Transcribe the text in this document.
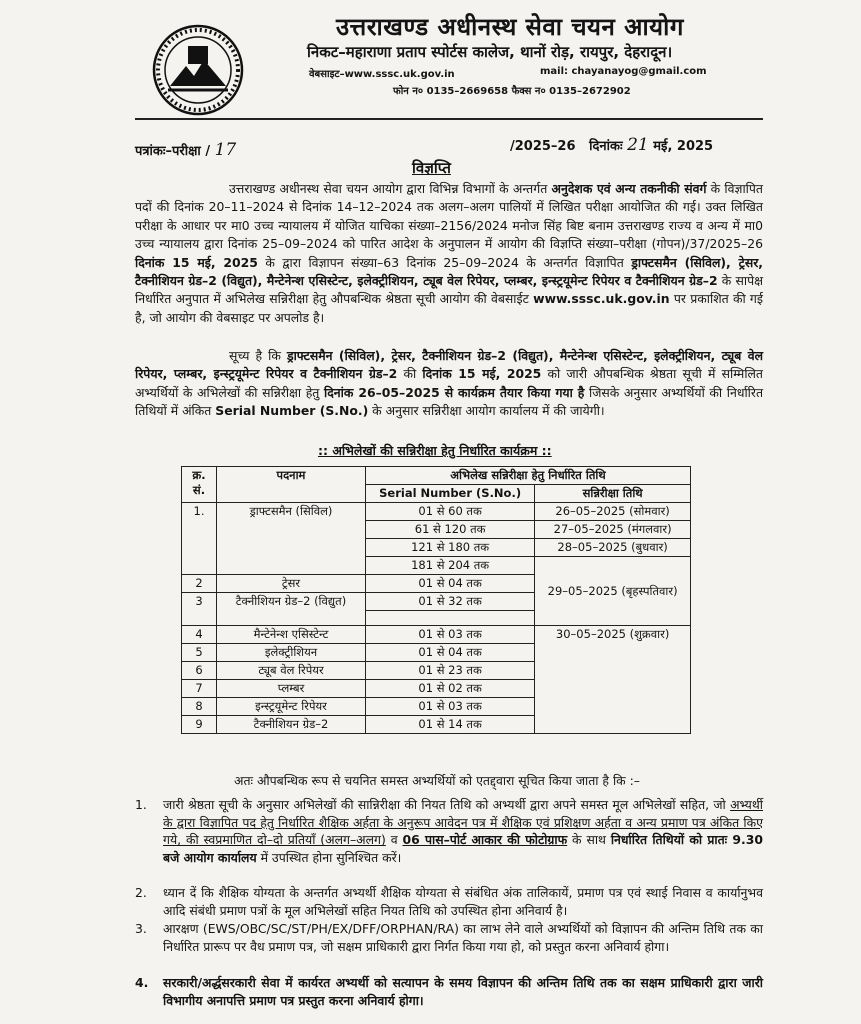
उत्तराखण्ड अधीनस्थ सेवा चयन आयोग
निकट–महाराणा प्रताप स्पोर्टस कालेज, थानों रोड़, रायपुर, देहरादून।
वेबसाइट–www.sssc.uk.gov.in	mail: chayanayog@gmail.com
फोन न० 0135–2669658 फैक्स न० 0135–2672902
पत्रांकः–परीक्षा / 17	/2025–26 दिनांकः 21 मई, 2025
विज्ञप्ति
उत्तराखण्ड अधीनस्थ सेवा चयन आयोग द्वारा विभिन्न विभागों के अन्तर्गत अनुदेशक एवं अन्य तकनीकी संवर्ग के विज्ञापित पदों की दिनांक 20–11–2024 से दिनांक 14–12–2024 तक अलग–अलग पालियों में लिखित परीक्षा आयोजित की गई। उक्त लिखित परीक्षा के आधार पर मा0 उच्च न्यायालय में योजित याचिका संख्या–2156/2024 मनोज सिंह बिष्ट बनाम उत्तराखण्ड राज्य व अन्य में मा0 उच्च न्यायालय द्वारा दिनांक 25–09–2024 को पारित आदेश के अनुपालन में आयोग की विज्ञप्ति संख्या–परीक्षा (गोपन)/37/2025–26 दिनांक 15 मई, 2025 के द्वारा विज्ञापन संख्या–63 दिनांक 25–09–2024 के अन्तर्गत विज्ञापित ड्राफ्टसमैन (सिविल), ट्रेसर, टैक्नीशियन ग्रेड–2 (विद्युत), मैन्टेनेन्श एसिस्टेन्ट, इलेक्ट्रीशियन, ट्यूब वेल रिपेयर, प्लम्बर, इन्स्ट्रयूमेन्ट रिपेयर व टैक्नीशियन ग्रेड–2 के सापेक्ष निर्धारित अनुपात में अभिलेख सन्निरीक्षा हेतु औपबन्धिक श्रेष्ठता सूची आयोग की वेबसाईट www.sssc.uk.gov.in पर प्रकाशित की गई है, जो आयोग की वेबसाइट पर अपलोड है।
सूच्य है कि ड्राफ्टसमैन (सिविल), ट्रेसर, टैक्नीशियन ग्रेड–2 (विद्युत), मैन्टेनेन्श एसिस्टेन्ट, इलेक्ट्रीशियन, ट्यूब वेल रिपेयर, प्लम्बर, इन्स्ट्रयूमेन्ट रिपेयर व टैक्नीशियन ग्रेड–2 की दिनांक 15 मई, 2025 को जारी औपबन्धिक श्रेष्ठता सूची में सम्मिलित अभ्यर्थियों के अभिलेखों की सन्निरीक्षा हेतु दिनांक 26–05–2025 से कार्यक्रम तैयार किया गया है जिसके अनुसार अभ्यर्थियों की निर्धारित तिथियों में अंकित Serial Number (S.No.) के अनुसार सन्निरीक्षा आयोग कार्यालय में की जायेगी।
:: अभिलेखों की सन्निरीक्षा हेतु निर्धारित कार्यक्रम ::
क्र. सं.	पदनाम	अभिलेख सन्निरीक्षा हेतु निर्धारित तिथि	
		Serial Number (S.No.)	सन्निरीक्षा तिथि
1.	ड्राफ्टसमैन (सिविल)	01 से 60 तक	26–05–2025 (सोमवार)
		61 से 120 तक	27–05–2025 (मंगलवार)
		121 से 180 तक	28–05–2025 (बुधवार)
		181 से 204 तक	29–05–2025 (बृहस्पतिवार)
2	ट्रेसर	01 से 04 तक	
3	टैक्नीशियन ग्रेड–2 (विद्युत)	01 से 32 तक	

4	मैन्टेनेन्श एसिस्टेन्ट	01 से 03 तक	30–05–2025 (शुक्रवार)
5	इलेक्ट्रीशियन	01 से 04 तक	
6	ट्यूब वेल रिपेयर	01 से 23 तक	
7	प्लम्बर	01 से 02 तक	
8	इन्स्ट्रयूमेन्ट रिपेयर	01 से 03 तक	
9	टैक्नीशियन ग्रेड–2	01 से 14 तक	
अतः औपबन्धिक रूप से चयनित समस्त अभ्यर्थियों को एतद्द्वारा सूचित किया जाता है कि :–
1. जारी श्रेष्ठता सूची के अनुसार अभिलेखों की सान्निरीक्षा की नियत तिथि को अभ्यर्थी द्वारा अपने समस्त मूल अभिलेखों सहित, जो अभ्यर्थी के द्वारा विज्ञापित पद हेतु निर्धारित शैक्षिक अर्हता के अनुरूप आवेदन पत्र में शैक्षिक एवं प्रशिक्षण अर्हता व अन्य प्रमाण पत्र अंकित किए गये, की स्वप्रमाणित दो–दो प्रतियाँ (अलग–अलग) व 06 पास–पोर्ट आकार की फोटोग्राफ के साथ निर्धारित तिथियों को प्रातः 9.30 बजे आयोग कार्यालय में उपस्थित होना सुनिश्चित करें।
2. ध्यान दें कि शैक्षिक योग्यता के अन्तर्गत अभ्यर्थी शैक्षिक योग्यता से संबंधित अंक तालिकायें, प्रमाण पत्र एवं स्थाई निवास व कार्यानुभव आदि संबंधी प्रमाण पत्रों के मूल अभिलेखों सहित नियत तिथि को उपस्थित होना अनिवार्य है।
3. आरक्षण (EWS/OBC/SC/ST/PH/EX/DFF/ORPHAN/RA) का लाभ लेने वाले अभ्यर्थियों को विज्ञापन की अन्तिम तिथि तक का निर्धारित प्रारूप पर वैध प्रमाण पत्र, जो सक्षम प्राधिकारी द्वारा निर्गत किया गया हो, को प्रस्तुत करना अनिवार्य होगा।
4. सरकारी/अर्द्धसरकारी सेवा में कार्यरत अभ्यर्थी को सत्यापन के समय विज्ञापन की अन्तिम तिथि तक का सक्षम प्राधिकारी द्वारा जारी विभागीय अनापत्ति प्रमाण पत्र प्रस्तुत करना अनिवार्य होगा।
